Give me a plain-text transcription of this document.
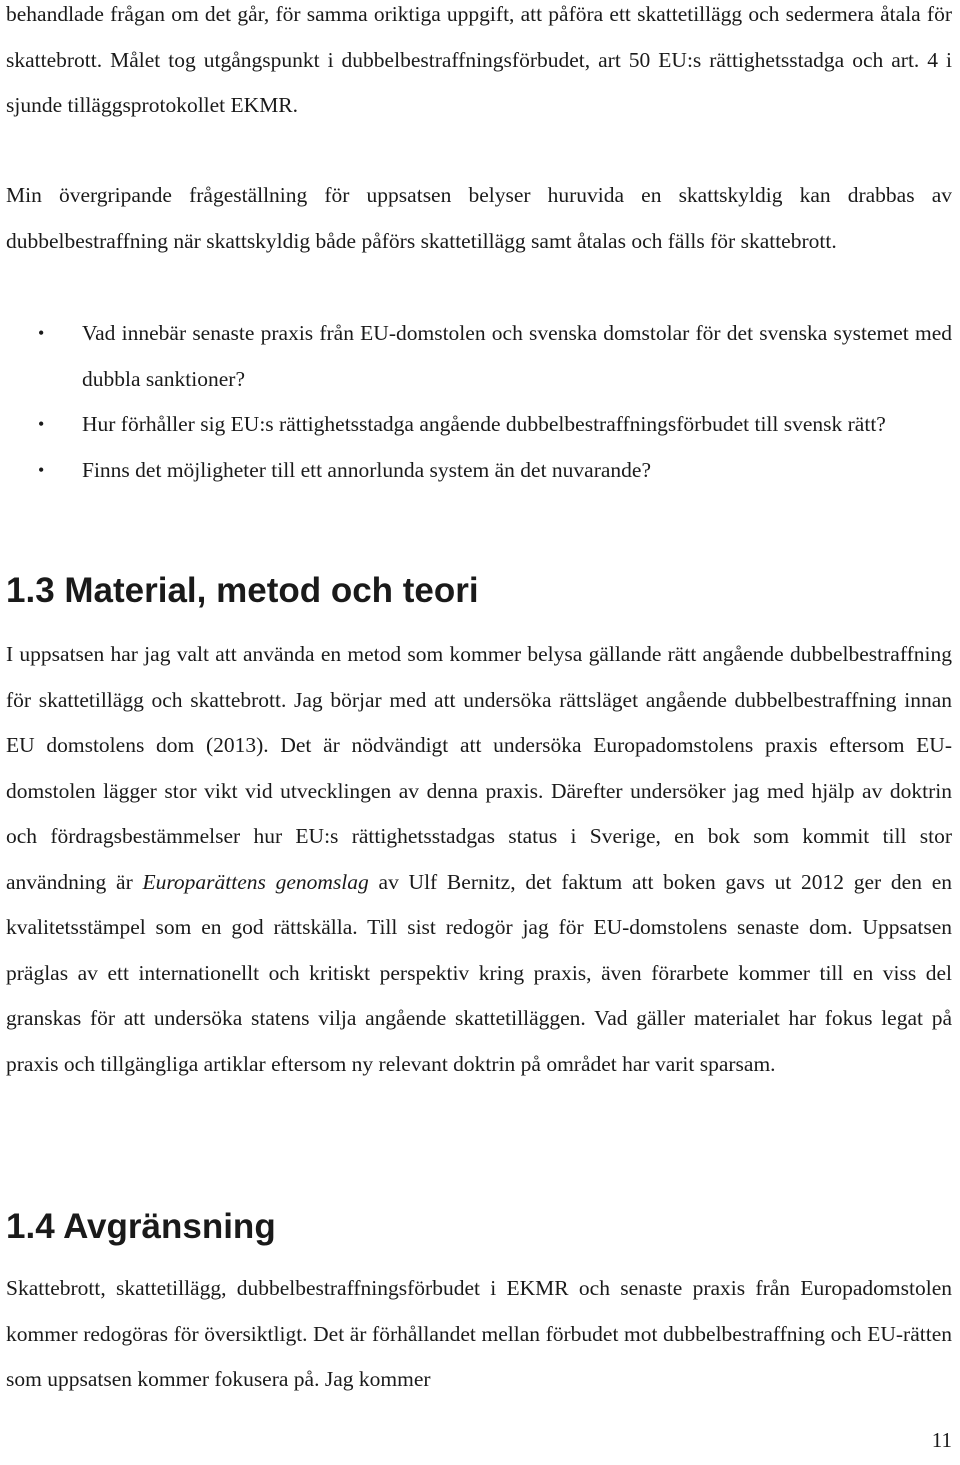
behandlade frågan om det går, för samma oriktiga uppgift, att påföra ett skattetillägg och sedermera åtala för skattebrott. Målet tog utgångspunkt i dubbelbestraffningsförbudet, art 50 EU:s rättighetsstadga och art. 4 i sjunde tilläggsprotokollet EKMR.

Min övergripande frågeställning för uppsatsen belyser huruvida en skattskyldig kan drabbas av dubbelbestraffning när skattskyldig både påförs skattetillägg samt åtalas och fälls för skattebrott.

• Vad innebär senaste praxis från EU-domstolen och svenska domstolar för det svenska systemet med dubbla sanktioner?
• Hur förhåller sig EU:s rättighetsstadga angående dubbelbestraffningsförbudet till svensk rätt?
• Finns det möjligheter till ett annorlunda system än det nuvarande?
1.3 Material, metod och teori

I uppsatsen har jag valt att använda en metod som kommer belysa gällande rätt angående dubbelbestraffning för skattetillägg och skattebrott. Jag börjar med att undersöka rättsläget angående dubbelbestraffning innan EU domstolens dom (2013). Det är nödvändigt att undersöka Europadomstolens praxis eftersom EU-domstolen lägger stor vikt vid utvecklingen av denna praxis. Därefter undersöker jag med hjälp av doktrin och fördragsbestämmelser hur EU:s rättighetsstadgas status i Sverige, en bok som kommit till stor användning är Europarättens genomslag av Ulf Bernitz, det faktum att boken gavs ut 2012 ger den en kvalitetsstämpel som en god rättskälla. Till sist redogör jag för EU-domstolens senaste dom. Uppsatsen präglas av ett internationellt och kritiskt perspektiv kring praxis, även förarbete kommer till en viss del granskas för att undersöka statens vilja angående skattetilläggen. Vad gäller materialet har fokus legat på praxis och tillgängliga artiklar eftersom ny relevant doktrin på området har varit sparsam.

1.4 Avgränsning

Skattebrott, skattetillägg, dubbelbestraffningsförbudet i EKMR och senaste praxis från Europadomstolen kommer redogöras för översiktligt. Det är förhållandet mellan förbudet mot dubbelbestraffning och EU-rätten som uppsatsen kommer fokusera på. Jag kommer

11
